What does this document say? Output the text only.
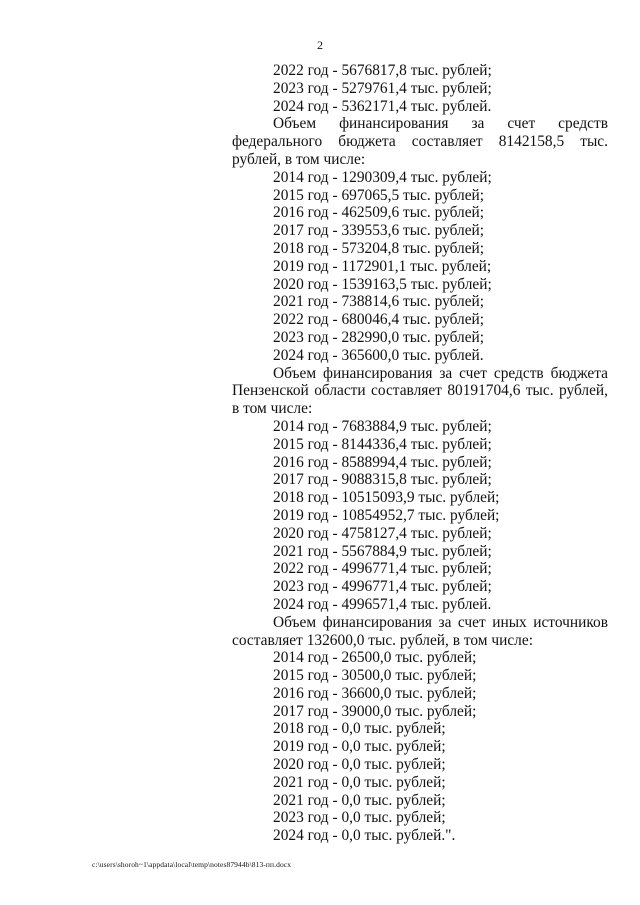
2
2022 год - 5676817,8 тыс. рублей;
2023 год - 5279761,4 тыс. рублей;
2024 год - 5362171,4 тыс. рублей.
Объем финансирования за счет средств федерального бюджета составляет 8142158,5 тыс. рублей, в том числе:
2014 год - 1290309,4 тыс. рублей;
2015 год - 697065,5 тыс. рублей;
2016 год - 462509,6 тыс. рублей;
2017 год - 339553,6 тыс. рублей;
2018 год - 573204,8 тыс. рублей;
2019 год - 1172901,1 тыс. рублей;
2020 год - 1539163,5 тыс. рублей;
2021 год - 738814,6 тыс. рублей;
2022 год - 680046,4 тыс. рублей;
2023 год - 282990,0 тыс. рублей;
2024 год - 365600,0 тыс. рублей.
Объем финансирования за счет средств бюджета Пензенской области составляет 80191704,6 тыс. рублей, в том числе:
2014 год - 7683884,9 тыс. рублей;
2015 год - 8144336,4 тыс. рублей;
2016 год - 8588994,4 тыс. рублей;
2017 год - 9088315,8 тыс. рублей;
2018 год - 10515093,9 тыс. рублей;
2019 год - 10854952,7 тыс. рублей;
2020 год - 4758127,4 тыс. рублей;
2021 год - 5567884,9 тыс. рублей;
2022 год - 4996771,4 тыс. рублей;
2023 год - 4996771,4 тыс. рублей;
2024 год - 4996571,4 тыс. рублей.
Объем финансирования за счет иных источников составляет 132600,0 тыс. рублей, в том числе:
2014 год - 26500,0 тыс. рублей;
2015 год - 30500,0 тыс. рублей;
2016 год - 36600,0 тыс. рублей;
2017 год - 39000,0 тыс. рублей;
2018 год - 0,0 тыс. рублей;
2019 год - 0,0 тыс. рублей;
2020 год - 0,0 тыс. рублей;
2021 год - 0,0 тыс. рублей;
2021 год - 0,0 тыс. рублей;
2023 год - 0,0 тыс. рублей;
2024 год - 0,0 тыс. рублей.".
c:\users\shoroh~1\appdata\local\temp\notes87944b\813-пп.docx
